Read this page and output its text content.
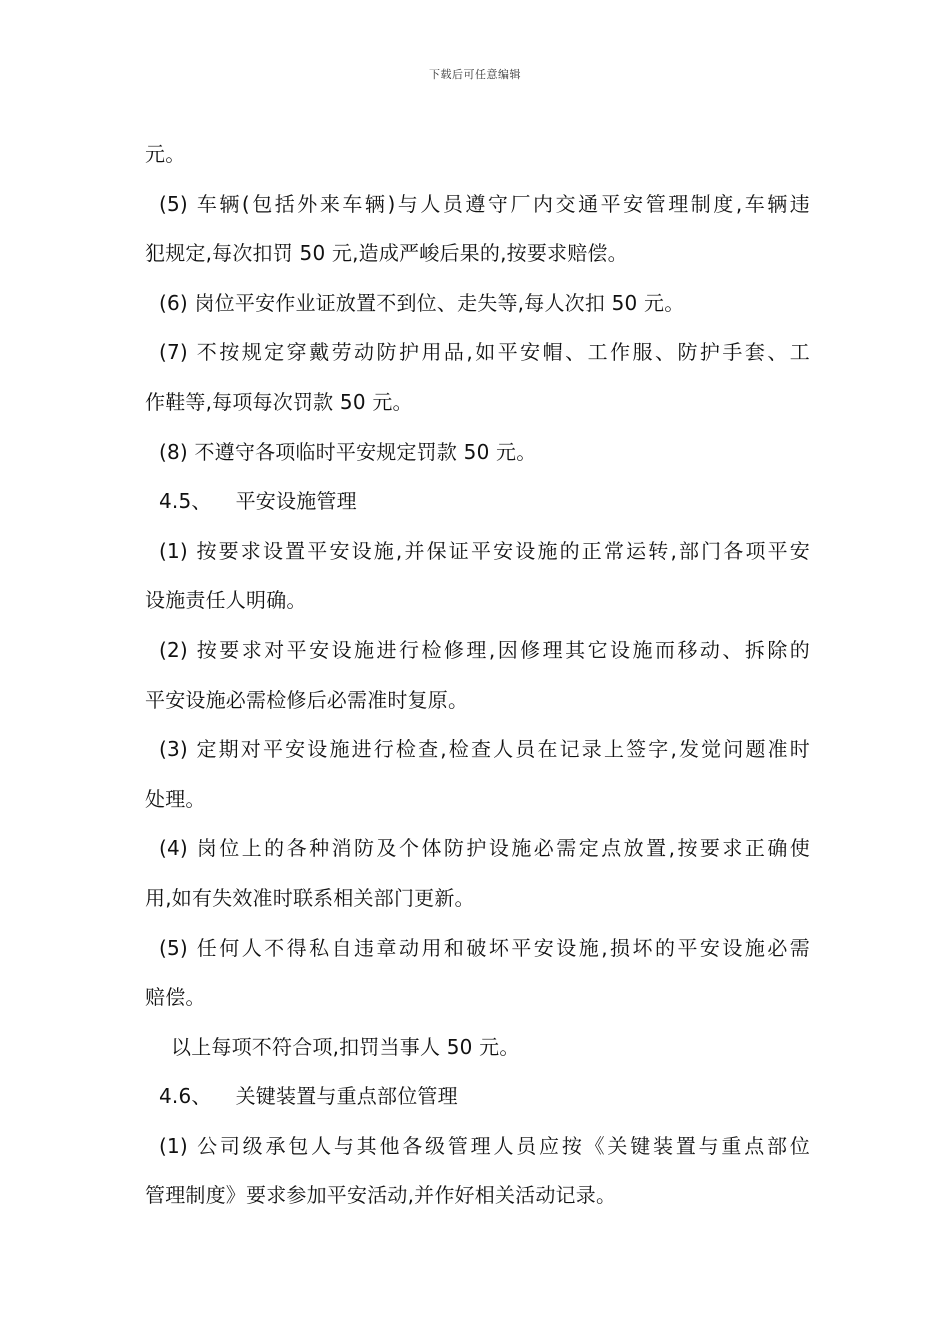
下载后可任意编辑
元。
(5) 车辆(包括外来车辆)与人员遵守厂内交通平安管理制度,车辆违
犯规定,每次扣罚 50 元,造成严峻后果的,按要求赔偿。
(6) 岗位平安作业证放置不到位、走失等,每人次扣 50 元。
(7) 不按规定穿戴劳动防护用品,如平安帽、工作服、防护手套、工
作鞋等,每项每次罚款 50 元。
(8) 不遵守各项临时平安规定罚款 50 元。
4.5、 平安设施管理
(1) 按要求设置平安设施,并保证平安设施的正常运转,部门各项平安
设施责任人明确。
(2) 按要求对平安设施进行检修理,因修理其它设施而移动、拆除的
平安设施必需检修后必需准时复原。
(3) 定期对平安设施进行检查,检查人员在记录上签字,发觉问题准时
处理。
(4) 岗位上的各种消防及个体防护设施必需定点放置,按要求正确使
用,如有失效准时联系相关部门更新。
(5) 任何人不得私自违章动用和破坏平安设施,损坏的平安设施必需
赔偿。
以上每项不符合项,扣罚当事人 50 元。
4.6、 关键装置与重点部位管理
(1) 公司级承包人与其他各级管理人员应按《关键装置与重点部位
管理制度》要求参加平安活动,并作好相关活动记录。
